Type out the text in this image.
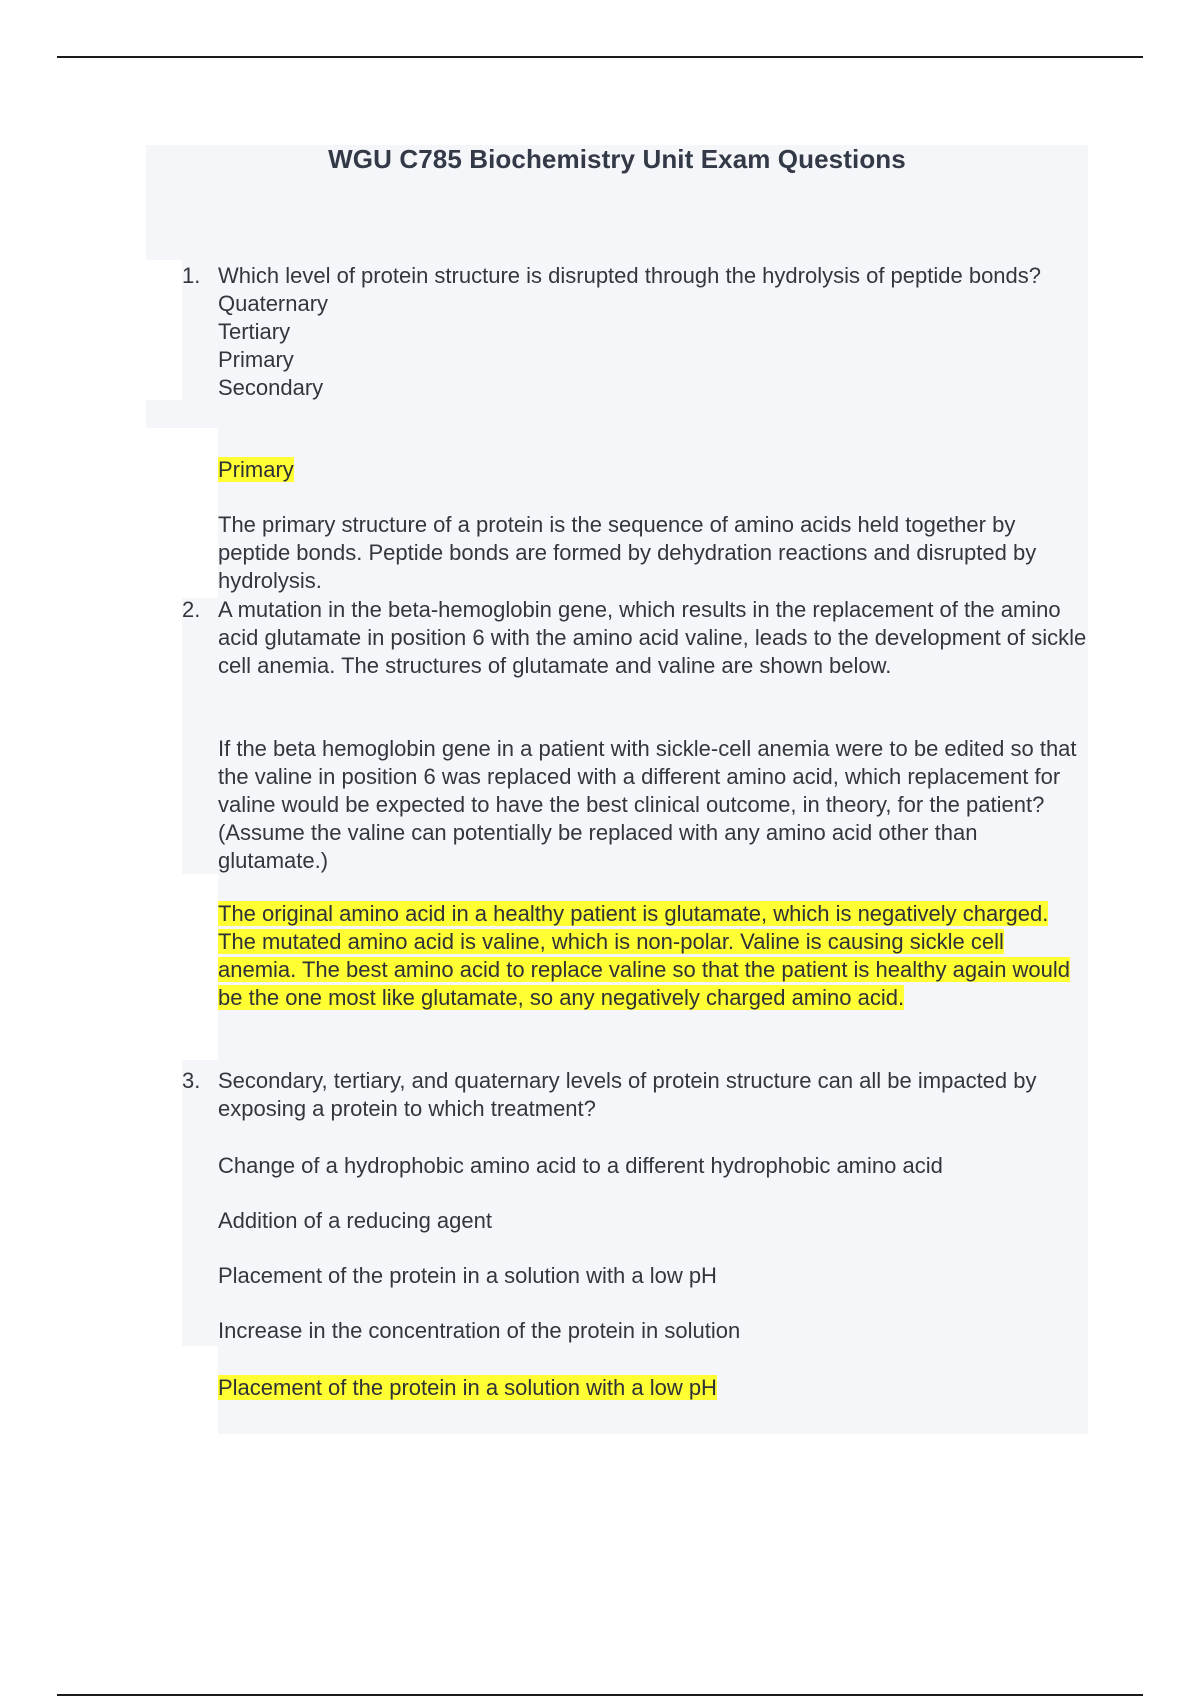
WGU C785 Biochemistry Unit Exam Questions
1. Which level of protein structure is disrupted through the hydrolysis of peptide bonds?

Quaternary

Tertiary

Primary

Secondary

Primary

The primary structure of a protein is the sequence of amino acids held together by peptide bonds. Peptide bonds are formed by dehydration reactions and disrupted by hydrolysis.

2. A mutation in the beta-hemoglobin gene, which results in the replacement of the amino acid glutamate in position 6 with the amino acid valine, leads to the development of sickle cell anemia. The structures of glutamate and valine are shown below.

If the beta hemoglobin gene in a patient with sickle-cell anemia were to be edited so that the valine in position 6 was replaced with a different amino acid, which replacement for valine would be expected to have the best clinical outcome, in theory, for the patient? (Assume the valine can potentially be replaced with any amino acid other than glutamate.)

The original amino acid in a healthy patient is glutamate, which is negatively charged. The mutated amino acid is valine, which is non-polar. Valine is causing sickle cell anemia. The best amino acid to replace valine so that the patient is healthy again would be the one most like glutamate, so any negatively charged amino acid.

3. Secondary, tertiary, and quaternary levels of protein structure can all be impacted by exposing a protein to which treatment?

Change of a hydrophobic amino acid to a different hydrophobic amino acid

Addition of a reducing agent

Placement of the protein in a solution with a low pH

Increase in the concentration of the protein in solution

Placement of the protein in a solution with a low pH
